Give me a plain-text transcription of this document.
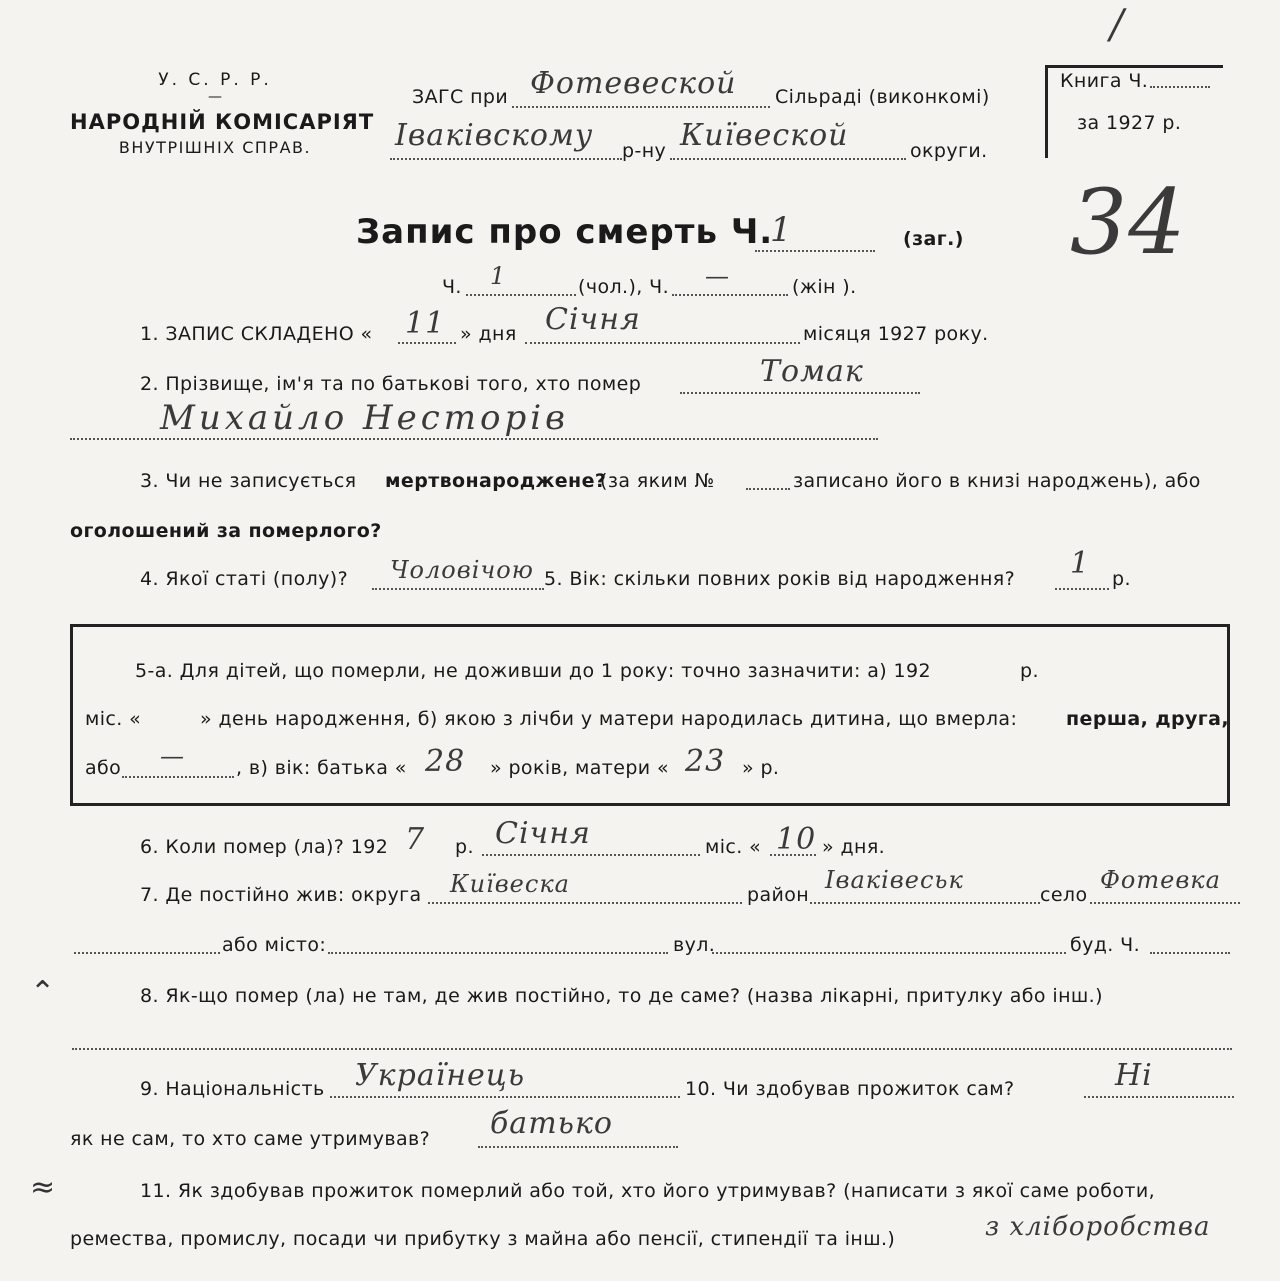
/
У. С. Р. Р.
—
НАРОДНІЙ КОМІСАРІЯТ
ВНУТРІШНІХ СПРАВ.
ЗАГС при Фотевеской Сільраді (виконкомі)
Іваківскому р-ну Київеской	округи.
Книга Ч.
за 1927 р.
Запис про смерть Ч.
1	(заг.) 34
Ч. 1	(чол.), Ч. —	(жін ).
1. ЗАПИС СКЛАДЕНО « 11 » дня Січня	місяця 1927 року.
2. Прізвище, ім'я та по батькові того, хто помер	Томак
Михайло Несторів
3. Чи не записується мертвонароджене?
(за яким №	записано його в книзі народжень), або
оголошений за померлого?
4. Якої статі (полу)? Чоловічою 5. Вік: скільки повних років від народження? 1 р.
5-а. Для дітей, що померли, не доживши до 1 року: точно зазначити: а) 192	р.
міс. «	» день народження, б) якою з лічби у матери народилась дитина, що вмерла:	перша, друга,
або —	, в) вік: батька « 28 » років, матери « 23 » р.
6. Коли помер (ла)? 192 7 р. Січня	міс. « 10 » дня.
7. Де постійно жив: округа Київеска	район
Іваківеськ
село
Фотевка
або місто:	вул.	буд. Ч.
8. Як-що помер (ла) не там, де жив постійно, то де саме? (назва лікарні, притулку або інш.)
9. Національність Українець	10. Чи здобував прожиток сам?	Ні
як не сам, то хто саме утримував? батько
11. Як здобував прожиток померлий або той, хто його утримував? (написати з якої саме роботи,
ремества, промислу, посади чи прибутку з майна або пенсії, стипендії та інш.)	з хліборобства
⌃
≈
